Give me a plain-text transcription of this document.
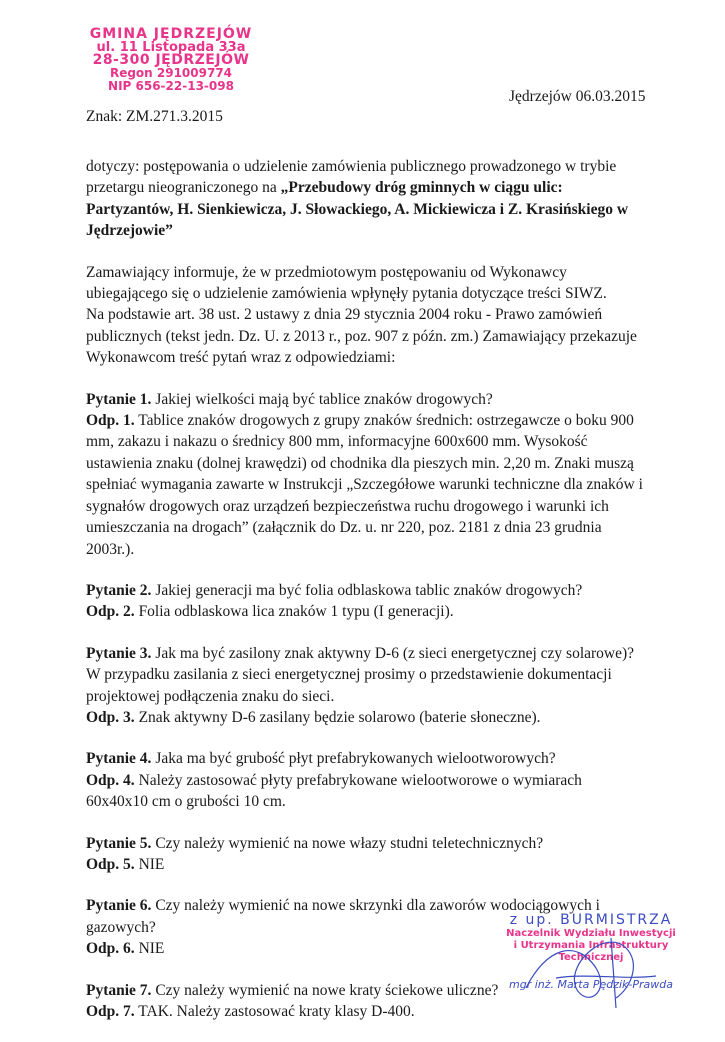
GMINA JĘDRZEJÓW
ul. 11 Listopada 33a
28-300 JĘDRZEJÓW
Regon 291009774
NIP 656-22-13-098
Jędrzejów 06.03.2015
Znak: ZM.271.3.2015

dotyczy: postępowania o udzielenie zamówienia publicznego prowadzonego w trybie przetargu nieograniczonego na „Przebudowy dróg gminnych w ciągu ulic: Partyzantów, H. Sienkiewicza, J. Słowackiego, A. Mickiewicza i Z. Krasińskiego w Jędrzejowie”

Zamawiający informuje, że w przedmiotowym postępowaniu od Wykonawcy ubiegającego się o udzielenie zamówienia wpłynęły pytania dotyczące treści SIWZ.
Na podstawie art. 38 ust. 2 ustawy z dnia 29 stycznia 2004 roku - Prawo zamówień publicznych (tekst jedn. Dz. U. z 2013 r., poz. 907 z późn. zm.) Zamawiający przekazuje Wykonawcom treść pytań wraz z odpowiedziami:

Pytanie 1. Jakiej wielkości mają być tablice znaków drogowych?
Odp. 1. Tablice znaków drogowych z grupy znaków średnich: ostrzegawcze o boku 900 mm, zakazu i nakazu o średnicy 800 mm, informacyjne 600x600 mm. Wysokość ustawienia znaku (dolnej krawędzi) od chodnika dla pieszych min. 2,20 m. Znaki muszą spełniać wymagania zawarte w Instrukcji „Szczegółowe warunki techniczne dla znaków i sygnałów drogowych oraz urządzeń bezpieczeństwa ruchu drogowego i warunki ich umieszczania na drogach” (załącznik do Dz. u. nr 220, poz. 2181 z dnia 23 grudnia 2003r.).

Pytanie 2. Jakiej generacji ma być folia odblaskowa tablic znaków drogowych?
Odp. 2. Folia odblaskowa lica znaków 1 typu (I generacji).

Pytanie 3. Jak ma być zasilony znak aktywny D-6 (z sieci energetycznej czy solarowe)? W przypadku zasilania z sieci energetycznej prosimy o przedstawienie dokumentacji projektowej podłączenia znaku do sieci.
Odp. 3. Znak aktywny D-6 zasilany będzie solarowo (baterie słoneczne).

Pytanie 4. Jaka ma być grubość płyt prefabrykowanych wielootworowych?
Odp. 4. Należy zastosować płyty prefabrykowane wielootworowe o wymiarach 60x40x10 cm o grubości 10 cm.

Pytanie 5. Czy należy wymienić na nowe włazy studni teletechnicznych?
Odp. 5. NIE

Pytanie 6. Czy należy wymienić na nowe skrzynki dla zaworów wodociągowych i gazowych?
Odp. 6. NIE

Pytanie 7. Czy należy wymienić na nowe kraty ściekowe uliczne?
Odp. 7. TAK. Należy zastosować kraty klasy D-400.

z up. BURMISTRZA
Naczelnik Wydziału Inwestycji
i Utrzymania Infrastruktury Technicznej
mgr inż. Marta Pędzik-Prawda
